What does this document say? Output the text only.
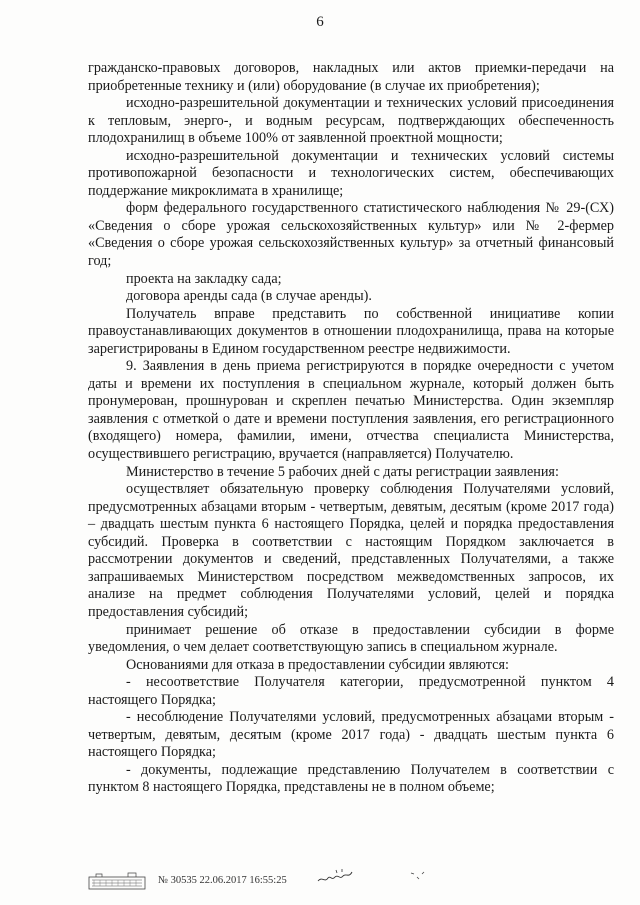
6

гражданско-правовых договоров, накладных или актов приемки-передачи на приобретенные технику и (или) оборудование (в случае их приобретения);

исходно-разрешительной документации и технических условий присоединения к тепловым, энерго-, и водным ресурсам, подтверждающих обеспеченность плодохранилищ в объеме 100% от заявленной проектной мощности;

исходно-разрешительной документации и технических условий системы противопожарной безопасности и технологических систем, обеспечивающих поддержание микроклимата в хранилище;

форм федерального государственного статистического наблюдения № 29-(СХ) «Сведения о сборе урожая сельскохозяйственных культур» или № 2-фермер «Сведения о сборе урожая сельскохозяйственных культур» за отчетный финансовый год;

проекта на закладку сада;

договора аренды сада (в случае аренды).

Получатель вправе представить по собственной инициативе копии правоустанавливающих документов в отношении плодохранилища, права на которые зарегистрированы в Едином государственном реестре недвижимости.

9. Заявления в день приема регистрируются в порядке очередности с учетом даты и времени их поступления в специальном журнале, который должен быть пронумерован, прошнурован и скреплен печатью Министерства. Один экземпляр заявления с отметкой о дате и времени поступления заявления, его регистрационного (входящего) номера, фамилии, имени, отчества специалиста Министерства, осуществившего регистрацию, вручается (направляется) Получателю.

Министерство в течение 5 рабочих дней с даты регистрации заявления:

осуществляет обязательную проверку соблюдения Получателями условий, предусмотренных абзацами вторым - четвертым, девятым, десятым (кроме 2017 года) – двадцать шестым пункта 6 настоящего Порядка, целей и порядка предоставления субсидий. Проверка в соответствии с настоящим Порядком заключается в рассмотрении документов и сведений, представленных Получателями, а также запрашиваемых Министерством посредством межведомственных запросов, их анализе на предмет соблюдения Получателями условий, целей и порядка предоставления субсидий;

принимает решение об отказе в предоставлении субсидии в форме уведомления, о чем делает соответствующую запись в специальном журнале.

Основаниями для отказа в предоставлении субсидии являются:

- несоответствие Получателя категории, предусмотренной пунктом 4 настоящего Порядка;

- несоблюдение Получателями условий, предусмотренных абзацами вторым - четвертым, девятым, десятым (кроме 2017 года) - двадцать шестым пункта 6 настоящего Порядка;

- документы, подлежащие представлению Получателем в соответствии с пунктом 8 настоящего Порядка, представлены не в полном объеме;

№ 30535 22.06.2017 16:55:25
